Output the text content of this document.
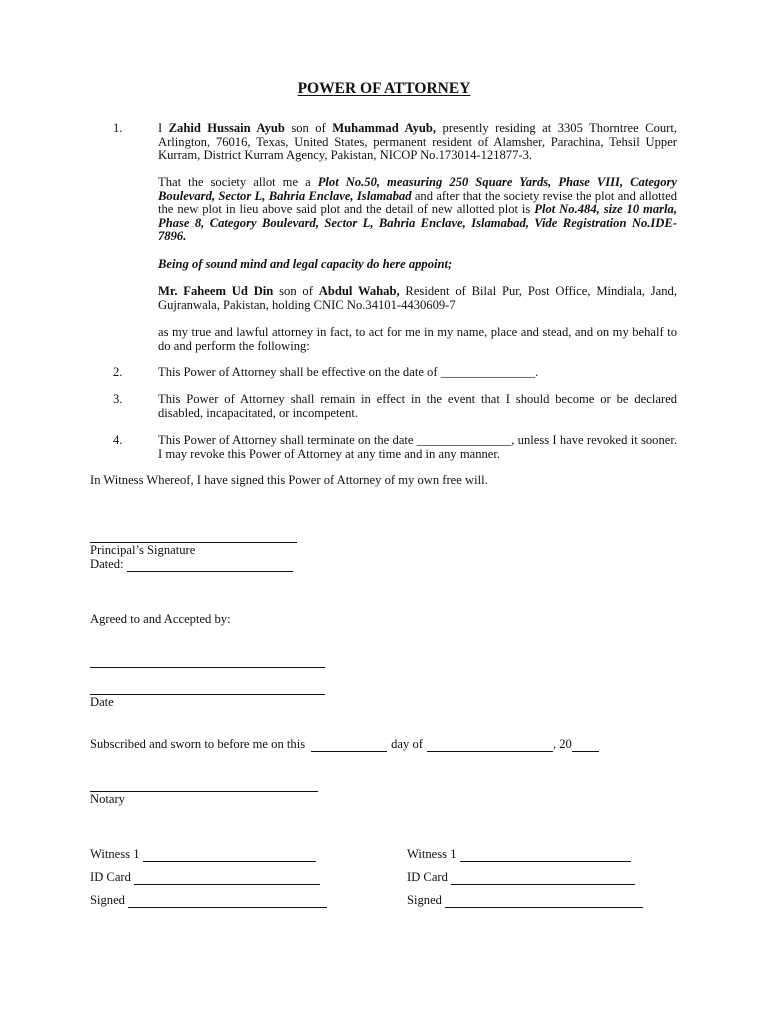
POWER OF ATTORNEY
1.	I Zahid Hussain Ayub son of Muhammad Ayub, presently residing at 3305 Thorntree Court, Arlington, 76016, Texas, United States, permanent resident of Alamsher, Parachina, Tehsil Upper Kurram, District Kurram Agency, Pakistan, NICOP No.173014-121877-3.
That the society allot me a Plot No.50, measuring 250 Square Yards, Phase VIII, Category Boulevard, Sector L, Bahria Enclave, Islamabad and after that the society revise the plot and allotted the new plot in lieu above said plot and the detail of new allotted plot is Plot No.484, size 10 marla, Phase 8, Category Boulevard, Sector L, Bahria Enclave, Islamabad, Vide Registration No.IDE-7896.
Being of sound mind and legal capacity do here appoint;
Mr. Faheem Ud Din son of Abdul Wahab, Resident of Bilal Pur, Post Office, Mindiala, Jand, Gujranwala, Pakistan, holding CNIC No.34101-4430609-7
as my true and lawful attorney in fact, to act for me in my name, place and stead, and on my behalf to do and perform the following:
2.	This Power of Attorney shall be effective on the date of _______________.
3.	This Power of Attorney shall remain in effect in the event that I should become or be declared disabled, incapacitated, or incompetent.
4.	This Power of Attorney shall terminate on the date _______________, unless I have revoked it sooner. I may revoke this Power of Attorney at any time and in any manner.
In Witness Whereof, I have signed this Power of Attorney of my own free will.
Principal’s Signature
Dated:
Agreed to and Accepted by:
Date
Subscribed and sworn to before me on this	day of	, 20
Notary
Witness 1
ID Card
Signed
Witness 1
ID Card
Signed
